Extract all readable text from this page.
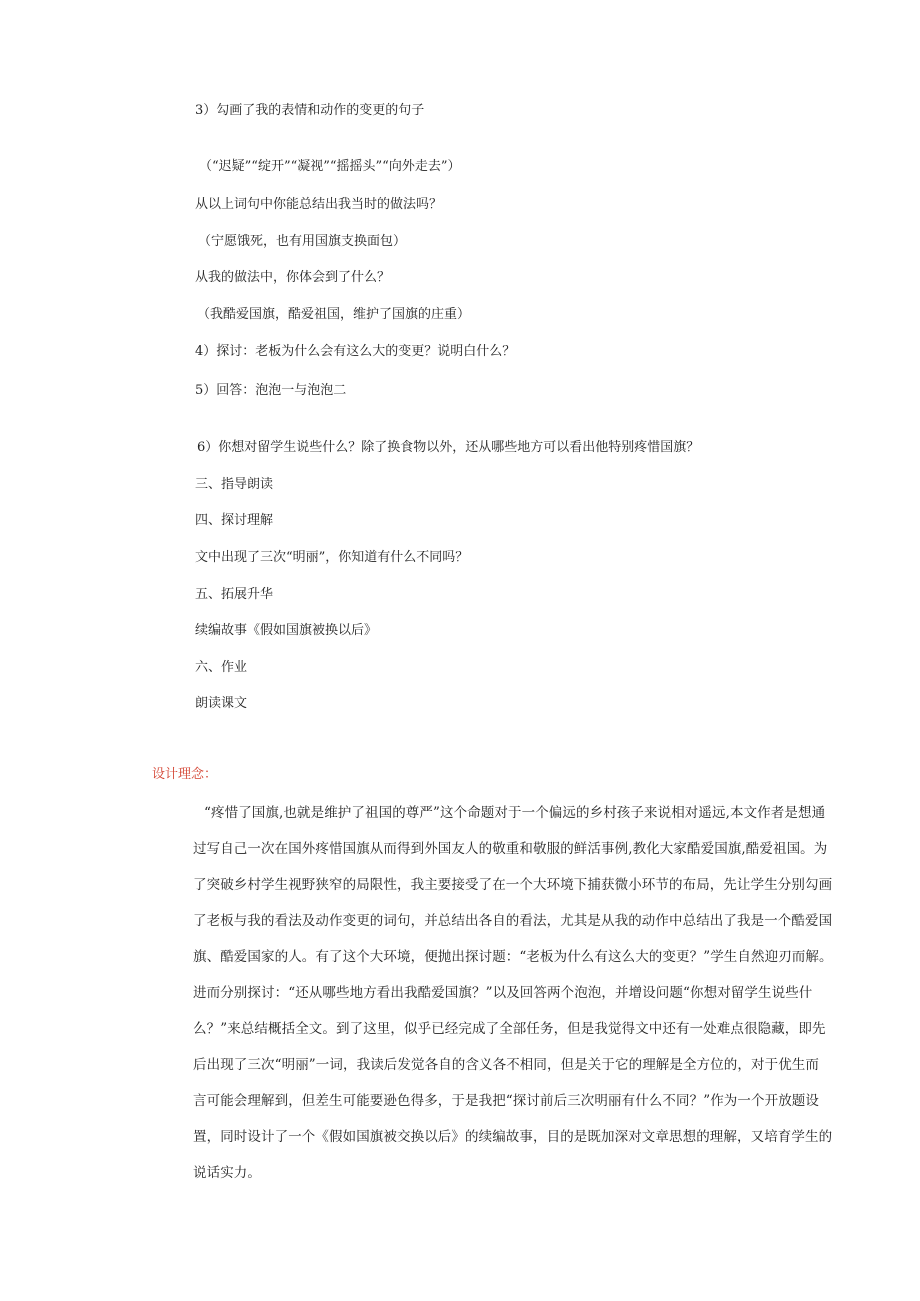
3）勾画了我的表情和动作的变更的句子
（“迟疑”“绽开”“凝视”“摇摇头”“向外走去”）
从以上词句中你能总结出我当时的做法吗？
（宁愿饿死，也有用国旗支换面包）
从我的做法中，你体会到了什么？
（我酷爱国旗，酷爱祖国，维护了国旗的庄重）
4）探讨：老板为什么会有这么大的变更？说明白什么？
5）回答：泡泡一与泡泡二
6）你想对留学生说些什么？除了换食物以外，还从哪些地方可以看出他特别疼惜国旗？
三、指导朗读
四、探讨理解
文中出现了三次“明丽”，你知道有什么不同吗？
五、拓展升华
续编故事《假如国旗被换以后》
六、作业
朗读课文
设计理念：
“疼惜了国旗,也就是维护了祖国的尊严”这个命题对于一个偏远的乡村孩子来说相对遥远,本文作者是想通
过写自己一次在国外疼惜国旗从而得到外国友人的敬重和敬服的鲜活事例,教化大家酷爱国旗,酷爱祖国。为
了突破乡村学生视野狭窄的局限性，我主要接受了在一个大环境下捕获微小环节的布局，先让学生分别勾画
了老板与我的看法及动作变更的词句，并总结出各自的看法，尤其是从我的动作中总结出了我是一个酷爱国
旗、酷爱国家的人。有了这个大环境，便抛出探讨题：“老板为什么有这么大的变更？”学生自然迎刃而解。
进而分别探讨：“还从哪些地方看出我酷爱国旗？”以及回答两个泡泡，并增设问题“你想对留学生说些什
么？”来总结概括全文。到了这里，似乎已经完成了全部任务，但是我觉得文中还有一处难点很隐藏，即先
后出现了三次“明丽”一词，我读后发觉各自的含义各不相同，但是关于它的理解是全方位的，对于优生而
言可能会理解到，但差生可能要逊色得多，于是我把“探讨前后三次明丽有什么不同？”作为一个开放题设
置，同时设计了一个《假如国旗被交换以后》的续编故事，目的是既加深对文章思想的理解，又培育学生的
说话实力。
